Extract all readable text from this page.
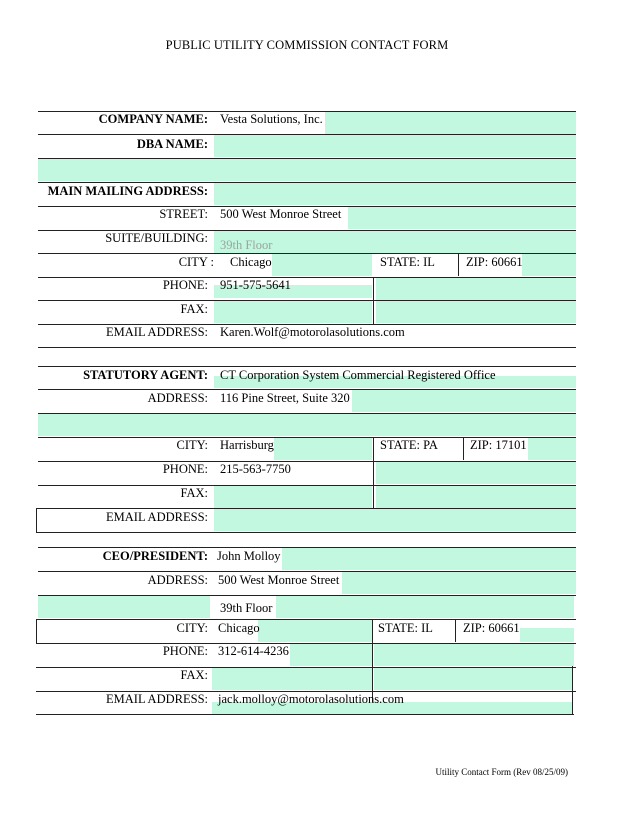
PUBLIC UTILITY COMMISSION CONTACT FORM
COMPANY NAME: Vesta Solutions, Inc.
DBA NAME:
MAIN MAILING ADDRESS:
STREET: 500 West Monroe Street
SUITE/BUILDING: 39th Floor
CITY : Chicago	STATE: IL ZIP: 60661
PHONE: 951-575-5641
FAX:
EMAIL ADDRESS: Karen.Wolf@motorolasolutions.com
STATUTORY AGENT: CT Corporation System Commercial Registered Office
ADDRESS: 116 Pine Street, Suite 320
CITY: Harrisburg	STATE: PA	ZIP: 17101
PHONE: 215-563-7750
FAX:
EMAIL ADDRESS:
CEO/PRESIDENT: John Molloy
ADDRESS: 500 West Monroe Street
39th Floor
CITY: Chicago	STATE: IL ZIP: 60661
PHONE: 312-614-4236
FAX:
EMAIL ADDRESS: jack.molloy@motorolasolutions.com
Utility Contact Form (Rev 08/25/09)
